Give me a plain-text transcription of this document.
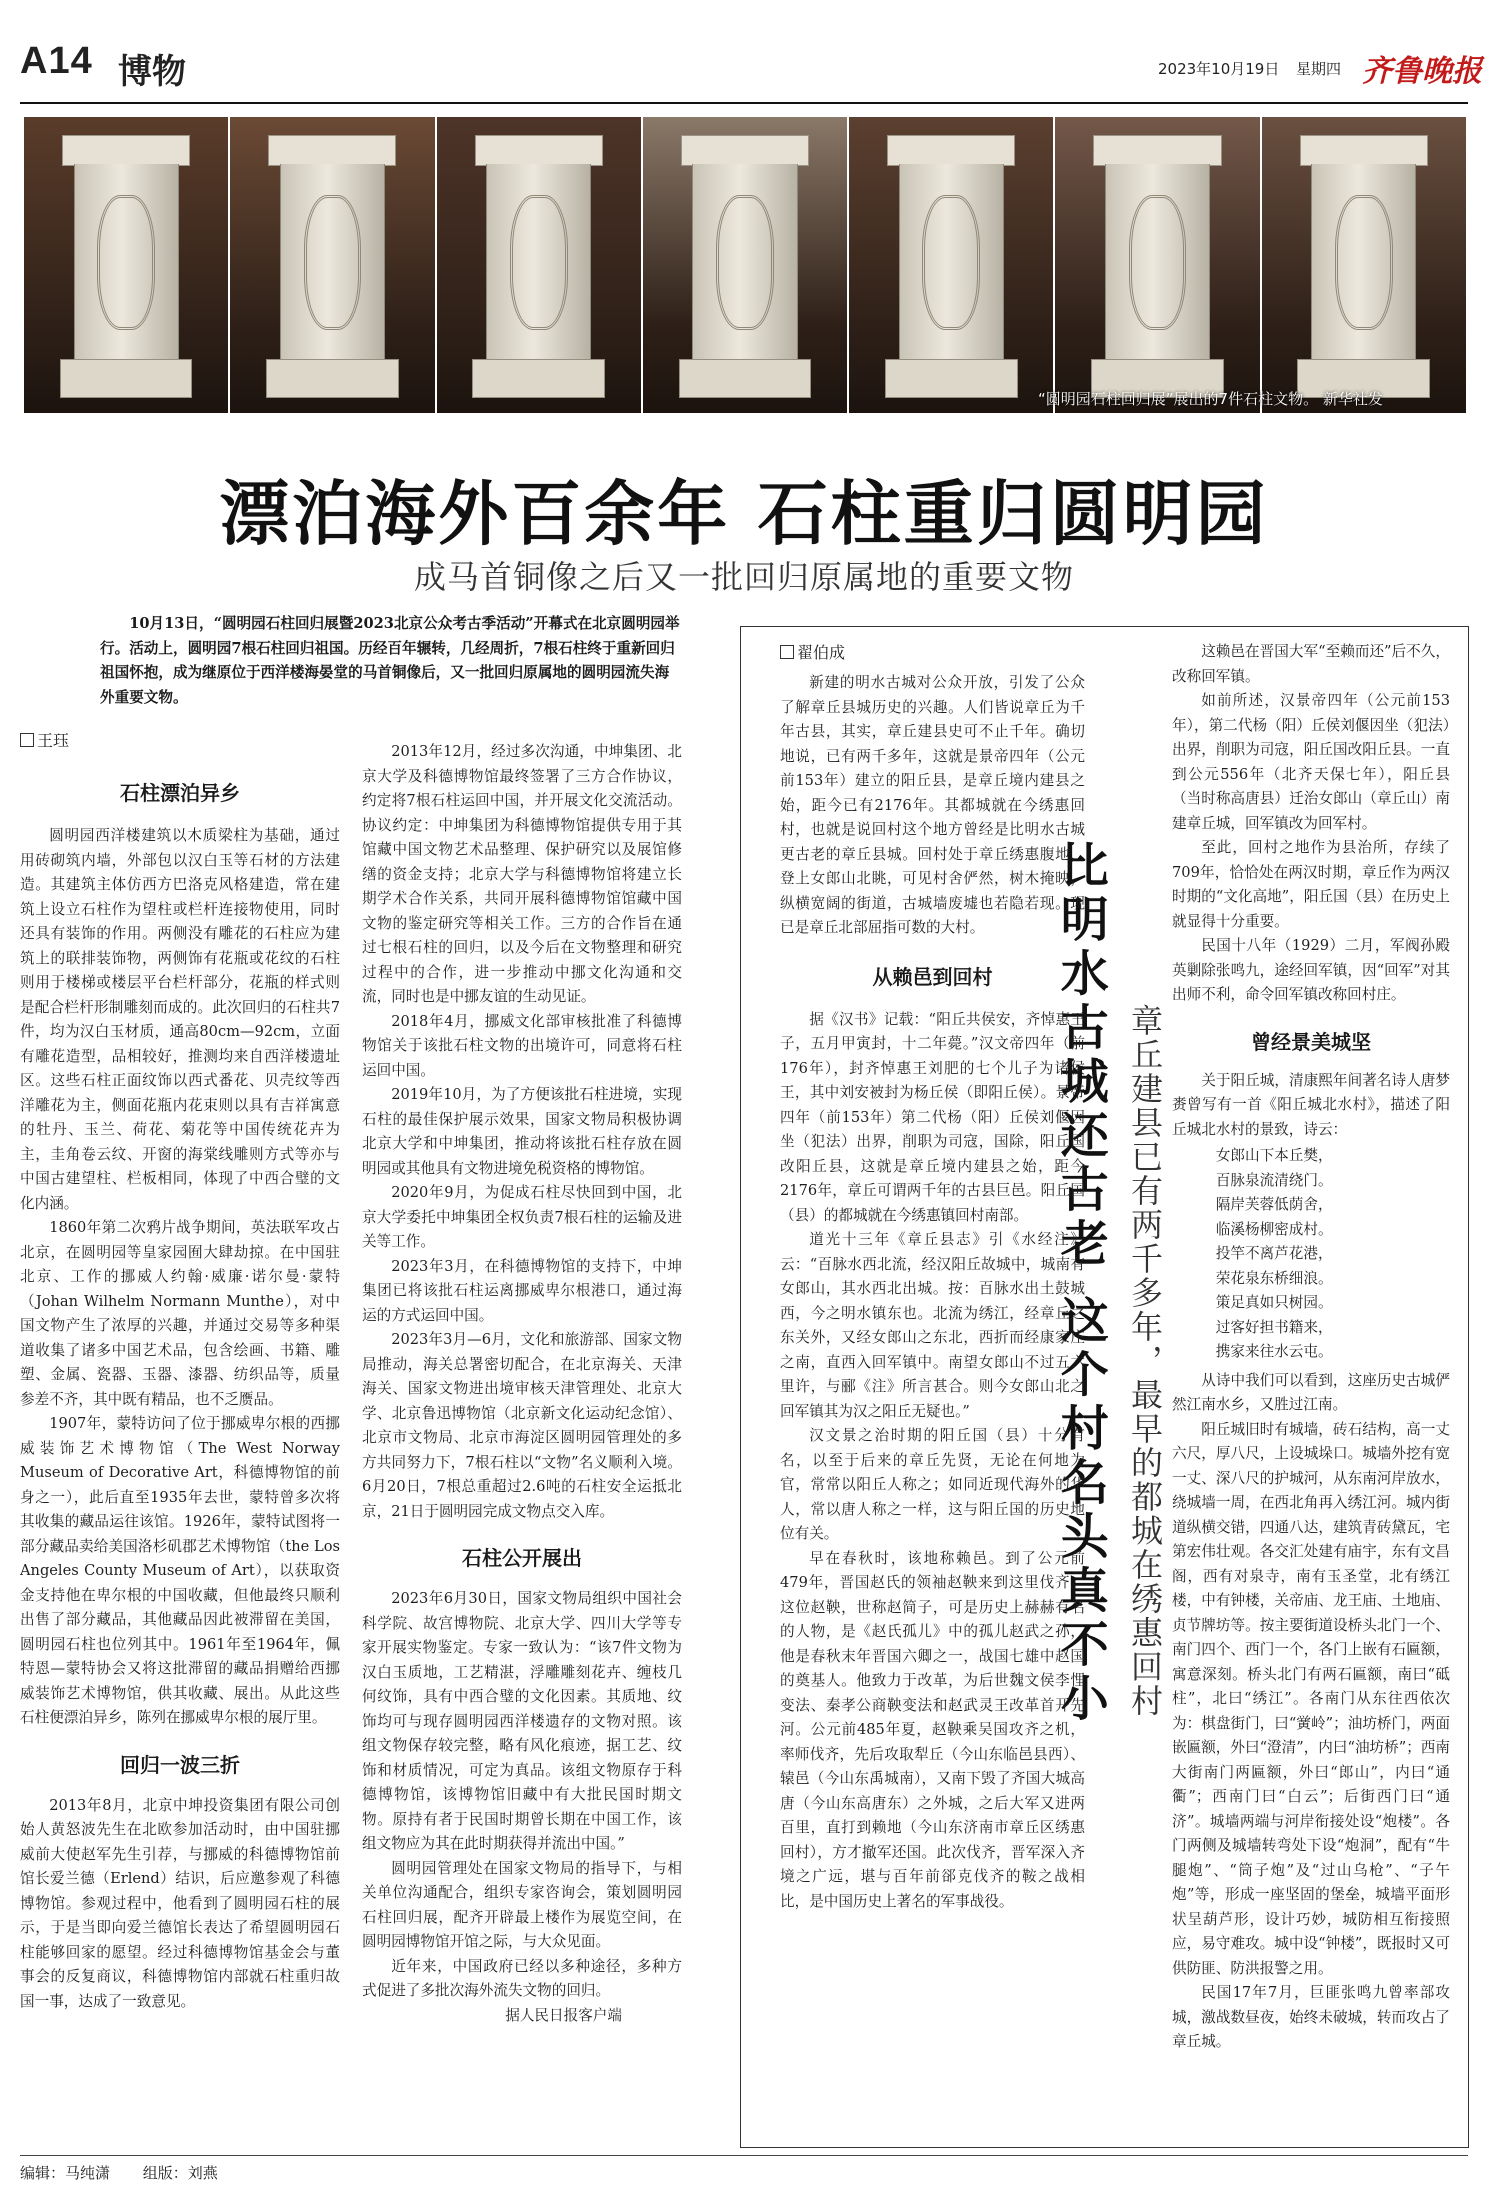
A14 博物	2023年10月19日 星期四 齐鲁晚报
“圆明园石柱回归展”展出的7件石柱文物。 新华社发
漂泊海外百余年 石柱重归圆明园
成马首铜像之后又一批回归原属地的重要文物

10月13日，“圆明园石柱回归展暨2023北京公众考古季活动”开幕式在北京圆明园举行。活动上，圆明园7根石柱回归祖国。历经百年辗转，几经周折，7根石柱终于重新回归祖国怀抱，成为继原位于西洋楼海晏堂的马首铜像后，又一批回归原属地的圆明园流失海外重要文物。

王珏
石柱漂泊异乡

圆明园西洋楼建筑以木质梁柱为基础，通过用砖砌筑内墙，外部包以汉白玉等石材的方法建造。其建筑主体仿西方巴洛克风格建造，常在建筑上设立石柱作为望柱或栏杆连接物使用，同时还具有装饰的作用。两侧没有雕花的石柱应为建筑上的联排装饰物，两侧饰有花瓶或花纹的石柱则用于楼梯或楼层平台栏杆部分，花瓶的样式则是配合栏杆形制雕刻而成的。此次回归的石柱共7件，均为汉白玉材质，通高80cm—92cm，立面有雕花造型，品相较好，推测均来自西洋楼遗址区。这些石柱正面纹饰以西式番花、贝壳纹等西洋雕花为主，侧面花瓶内花束则以具有吉祥寓意的牡丹、玉兰、荷花、菊花等中国传统花卉为主，圭角卷云纹、开窗的海棠线雕则方式等亦与中国古建望柱、栏板相同，体现了中西合璧的文化内涵。

1860年第二次鸦片战争期间，英法联军攻占北京，在圆明园等皇家园囿大肆劫掠。在中国驻北京、工作的挪威人约翰·威廉·诺尔曼·蒙特（Johan Wilhelm Normann Munthe），对中国文物产生了浓厚的兴趣，并通过交易等多种渠道收集了诸多中国艺术品，包含绘画、书籍、雕塑、金属、瓷器、玉器、漆器、纺织品等，质量参差不齐，其中既有精品，也不乏赝品。

1907年，蒙特访问了位于挪威卑尔根的西挪威装饰艺术博物馆（The West Norway Museum of Decorative Art，科德博物馆的前身之一），此后直至1935年去世，蒙特曾多次将其收集的藏品运往该馆。1926年，蒙特试图将一部分藏品卖给美国洛杉矶郡艺术博物馆（the Los Angeles County Museum of Art），以获取资金支持他在卑尔根的中国收藏，但他最终只顺利出售了部分藏品，其他藏品因此被滞留在美国，圆明园石柱也位列其中。1961年至1964年，佩特恩—蒙特协会又将这批滞留的藏品捐赠给西挪威装饰艺术博物馆，供其收藏、展出。从此这些石柱便漂泊异乡，陈列在挪威卑尔根的展厅里。

回归一波三折

2013年8月，北京中坤投资集团有限公司创始人黄怒波先生在北欧参加活动时，由中国驻挪威前大使赵军先生引荐，与挪威的科德博物馆前馆长爱兰德（Erlend）结识，后应邀参观了科德博物馆。参观过程中，他看到了圆明园石柱的展示，于是当即向爱兰德馆长表达了希望圆明园石柱能够回家的愿望。经过科德博物馆基金会与董事会的反复商议，科德博物馆内部就石柱重归故国一事，达成了一致意见。

2013年12月，经过多次沟通，中坤集团、北京大学及科德博物馆最终签署了三方合作协议，约定将7根石柱运回中国，并开展文化交流活动。协议约定：中坤集团为科德博物馆提供专用于其馆藏中国文物艺术品整理、保护研究以及展馆修缮的资金支持；北京大学与科德博物馆将建立长期学术合作关系，共同开展科德博物馆馆藏中国文物的鉴定研究等相关工作。三方的合作旨在通过七根石柱的回归，以及今后在文物整理和研究过程中的合作，进一步推动中挪文化沟通和交流，同时也是中挪友谊的生动见证。

2018年4月，挪威文化部审核批准了科德博物馆关于该批石柱文物的出境许可，同意将石柱运回中国。

2019年10月，为了方便该批石柱进境，实现石柱的最佳保护展示效果，国家文物局积极协调北京大学和中坤集团，推动将该批石柱存放在圆明园或其他具有文物进境免税资格的博物馆。

2020年9月，为促成石柱尽快回到中国，北京大学委托中坤集团全权负责7根石柱的运输及进关等工作。

2023年3月，在科德博物馆的支持下，中坤集团已将该批石柱运离挪威卑尔根港口，通过海运的方式运回中国。

2023年3月—6月，文化和旅游部、国家文物局推动，海关总署密切配合，在北京海关、天津海关、国家文物进出境审核天津管理处、北京大学、北京鲁迅博物馆（北京新文化运动纪念馆）、北京市文物局、北京市海淀区圆明园管理处的多方共同努力下，7根石柱以“文物”名义顺利入境。6月20日，7根总重超过2.6吨的石柱安全运抵北京，21日于圆明园完成文物点交入库。

石柱公开展出

2023年6月30日，国家文物局组织中国社会科学院、故宫博物院、北京大学、四川大学等专家开展实物鉴定。专家一致认为：“该7件文物为汉白玉质地，工艺精湛，浮雕雕刻花卉、缠枝几何纹饰，具有中西合璧的文化因素。其质地、纹饰均可与现存圆明园西洋楼遗存的文物对照。该组文物保存较完整，略有风化痕迹，据工艺、纹饰和材质情况，可定为真品。该组文物原存于科德博物馆，该博物馆旧藏中有大批民国时期文物。原持有者于民国时期曾长期在中国工作，该组文物应为其在此时期获得并流出中国。”

圆明园管理处在国家文物局的指导下，与相关单位沟通配合，组织专家咨询会，策划圆明园石柱回归展，配齐开辟最上楼作为展览空间，在圆明园博物馆开馆之际，与大众见面。

近年来，中国政府已经以多种途径，多种方式促进了多批次海外流失文物的回归。

据人民日报客户端
比明水古城还古老 这个村名头真不小 章丘建县已有两千多年，最早的都城在绣惠回村
翟伯成

新建的明水古城对公众开放，引发了公众了解章丘县城历史的兴趣。人们皆说章丘为千年古县，其实，章丘建县史可不止千年。确切地说，已有两千多年，这就是景帝四年（公元前153年）建立的阳丘县，是章丘境内建县之始，距今已有2176年。其都城就在今绣惠回村，也就是说回村这个地方曾经是比明水古城更古老的章丘县城。回村处于章丘绣惠腹地，登上女郎山北眺，可见村舍俨然，树木掩映，纵横宽阔的街道，古城墙废墟也若隐若现。现已是章丘北部屈指可数的大村。

从赖邑到回村

据《汉书》记载：“阳丘共侯安，齐悼惠王子，五月甲寅封，十二年薨。”汉文帝四年（前176年），封齐悼惠王刘肥的七个儿子为诸侯王，其中刘安被封为杨丘侯（即阳丘侯）。景帝四年（前153年）第二代杨（阳）丘侯刘偃因坐（犯法）出界，削职为司寇，国除，阳丘国改阳丘县，这就是章丘境内建县之始，距今2176年，章丘可谓两千年的古县巨邑。阳丘国（县）的都城就在今绣惠镇回村南部。

道光十三年《章丘县志》引《水经注》云：“百脉水西北流，经汉阳丘故城中，城南有女郎山，其水西北出城。按：百脉水出土鼓城西，今之明水镇东也。北流为绣江，经章丘之东关外，又经女郎山之东北，西折而经康家庄之南，直西入回军镇中。南望女郎山不过五六里许，与郦《注》所言甚合。则今女郎山北之回军镇其为汉之阳丘无疑也。”

汉文景之治时期的阳丘国（县）十分有名，以至于后来的章丘先贤，无论在何地为官，常常以阳丘人称之；如同近现代海外的华人，常以唐人称之一样，这与阳丘国的历史地位有关。

早在春秋时，该地称赖邑。到了公元前479年，晋国赵氏的领袖赵鞅来到这里伐齐。这位赵鞅，世称赵简子，可是历史上赫赫有名的人物，是《赵氏孤儿》中的孤儿赵武之孙，他是春秋末年晋国六卿之一，战国七雄中赵国的奠基人。他致力于改革，为后世魏文侯李悝变法、秦孝公商鞅变法和赵武灵王改革首开先河。公元前485年夏，赵鞅乘吴国攻齐之机，率师伐齐，先后攻取犁丘（今山东临邑县西）、辕邑（今山东禹城南），又南下毁了齐国大城高唐（今山东高唐东）之外城，之后大军又进两百里，直打到赖地（今山东济南市章丘区绣惠回村），方才撤军还国。此次伐齐，晋军深入齐境之广远，堪与百年前郤克伐齐的鞍之战相比，是中国历史上著名的军事战役。

这赖邑在晋国大军“至赖而还”后不久，改称回军镇。

如前所述，汉景帝四年（公元前153年），第二代杨（阳）丘侯刘偃因坐（犯法）出界，削职为司寇，阳丘国改阳丘县。一直到公元556年（北齐天保七年），阳丘县（当时称高唐县）迁治女郎山（章丘山）南建章丘城，回军镇改为回军村。

至此，回村之地作为县治所，存续了709年，恰恰处在两汉时期，章丘作为两汉时期的“文化高地”，阳丘国（县）在历史上就显得十分重要。

民国十八年（1929）二月，军阀孙殿英剿除张鸣九，途经回军镇，因“回军”对其出师不利，命令回军镇改称回村庄。

曾经景美城坚

关于阳丘城，清康熙年间著名诗人唐梦赉曾写有一首《阳丘城北水村》，描述了阳丘城北水村的景致，诗云：

女郎山下本丘樊，
百脉泉流清绕门。
隔岸芙蓉低荫舍，
临溪杨柳密成村。
投竿不离芦花港，
荣花泉东桥细浪。
策足真如只树园。
过客好担书籍来，
携家来往水云屯。

从诗中我们可以看到，这座历史古城俨然江南水乡，又胜过江南。

阳丘城旧时有城墙，砖石结构，高一丈六尺，厚八尺，上设城垛口。城墙外挖有宽一丈、深八尺的护城河，从东南河岸放水，绕城墙一周，在西北角再入绣江河。城内街道纵横交错，四通八达，建筑青砖黛瓦，宅第宏伟壮观。各交汇处建有庙宇，东有文昌阁，西有对泉寺，南有玉圣堂，北有绣江楼，中有钟楼，关帝庙、龙王庙、土地庙、贞节牌坊等。按主要街道设桥头北门一个、南门四个、西门一个，各门上嵌有石匾额，寓意深刻。桥头北门有两石匾额，南曰“砥柱”，北曰“绣江”。各南门从东往西依次为：棋盘街门，曰“黉岭”；油坊桥门，两面嵌匾额，外曰“澄清”，内曰“油坊桥”；西南大街南门两匾额，外曰“郎山”，内曰“通衢”；西南门曰“白云”；后街西门曰“通济”。城墙两端与河岸衔接处设“炮楼”。各门两侧及城墙转弯处下设“炮洞”，配有“牛腿炮”、“筒子炮”及“过山乌枪”、“子午炮”等，形成一座坚固的堡垒，城墙平面形状呈葫芦形，设计巧妙，城防相互衔接照应，易守难攻。城中设“钟楼”，既报时又可供防匪、防洪报警之用。

民国17年7月，巨匪张鸣九曾率部攻城，激战数昼夜，始终未破城，转而攻占了章丘城。

编辑：马纯潇 组版：刘燕
